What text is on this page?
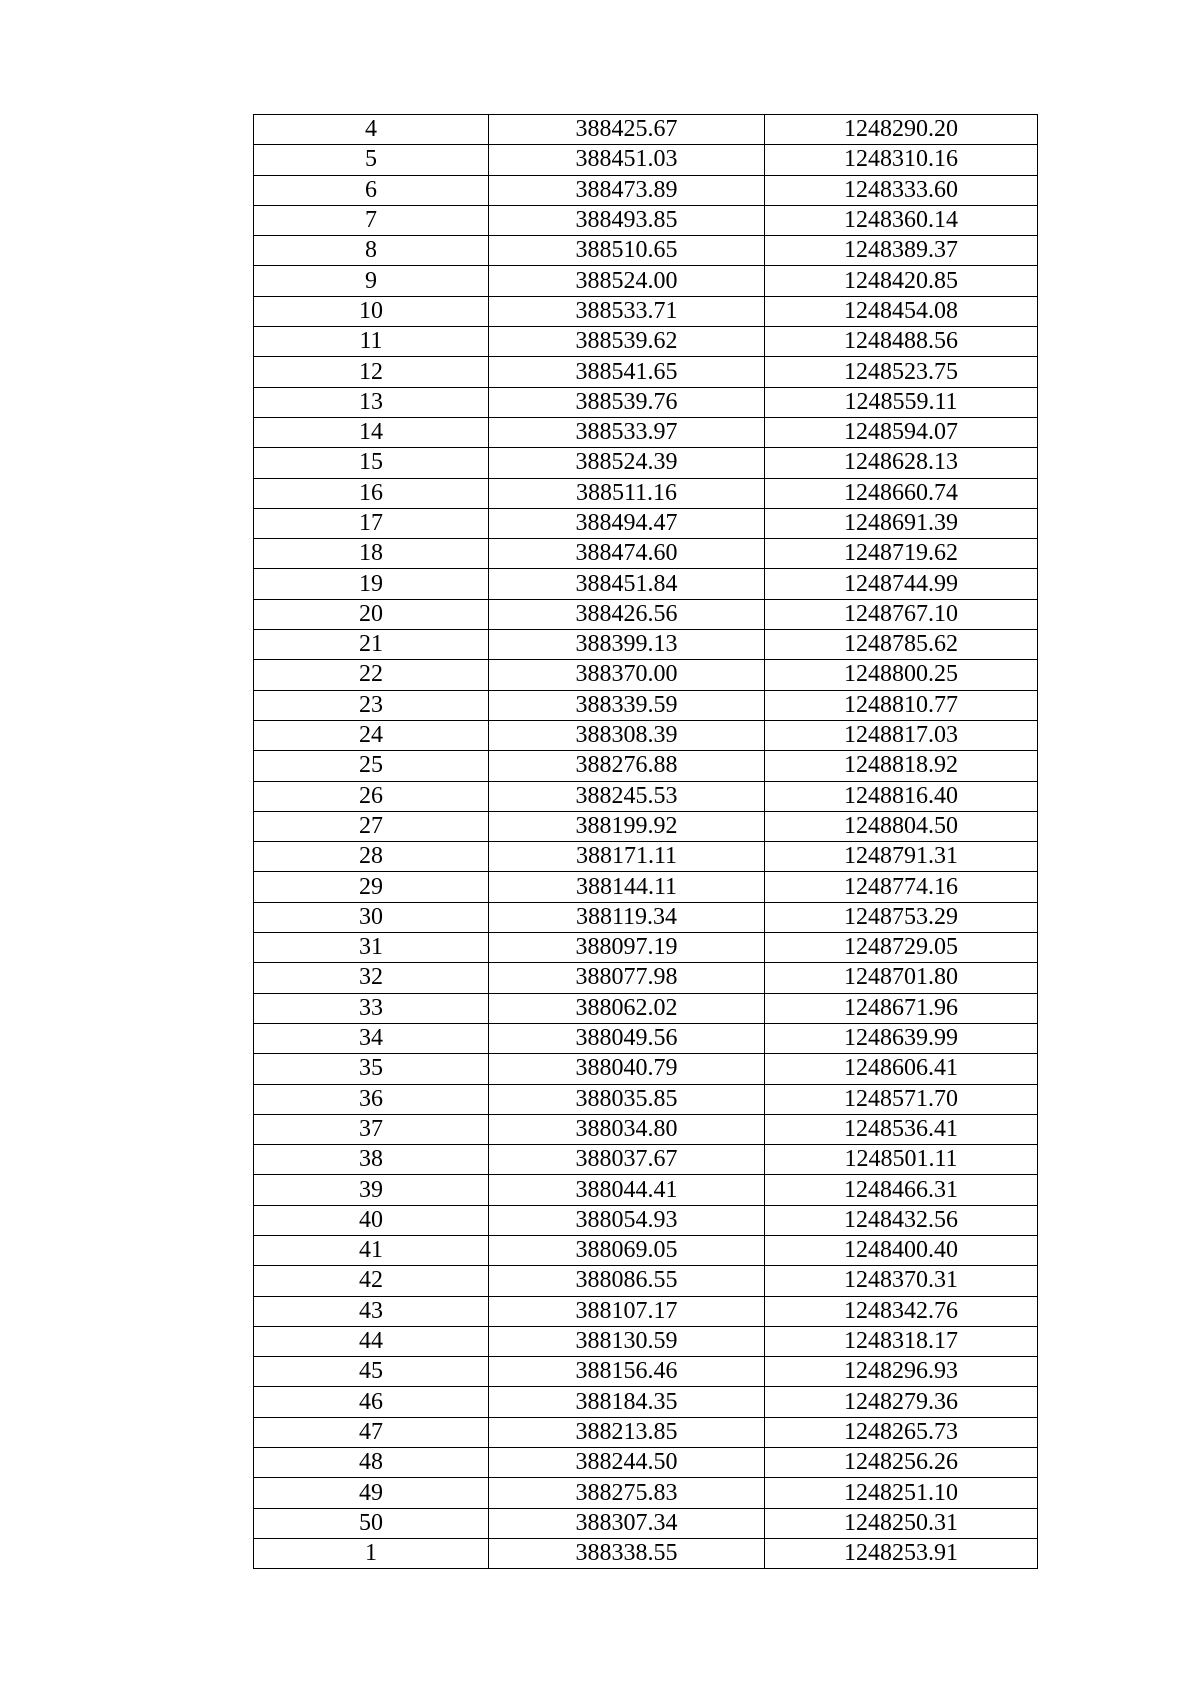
4	388425.67	1248290.20
5	388451.03	1248310.16
6	388473.89	1248333.60
7	388493.85	1248360.14
8	388510.65	1248389.37
9	388524.00	1248420.85
10	388533.71	1248454.08
11	388539.62	1248488.56
12	388541.65	1248523.75
13	388539.76	1248559.11
14	388533.97	1248594.07
15	388524.39	1248628.13
16	388511.16	1248660.74
17	388494.47	1248691.39
18	388474.60	1248719.62
19	388451.84	1248744.99
20	388426.56	1248767.10
21	388399.13	1248785.62
22	388370.00	1248800.25
23	388339.59	1248810.77
24	388308.39	1248817.03
25	388276.88	1248818.92
26	388245.53	1248816.40
27	388199.92	1248804.50
28	388171.11	1248791.31
29	388144.11	1248774.16
30	388119.34	1248753.29
31	388097.19	1248729.05
32	388077.98	1248701.80
33	388062.02	1248671.96
34	388049.56	1248639.99
35	388040.79	1248606.41
36	388035.85	1248571.70
37	388034.80	1248536.41
38	388037.67	1248501.11
39	388044.41	1248466.31
40	388054.93	1248432.56
41	388069.05	1248400.40
42	388086.55	1248370.31
43	388107.17	1248342.76
44	388130.59	1248318.17
45	388156.46	1248296.93
46	388184.35	1248279.36
47	388213.85	1248265.73
48	388244.50	1248256.26
49	388275.83	1248251.10
50	388307.34	1248250.31
1	388338.55	1248253.91
